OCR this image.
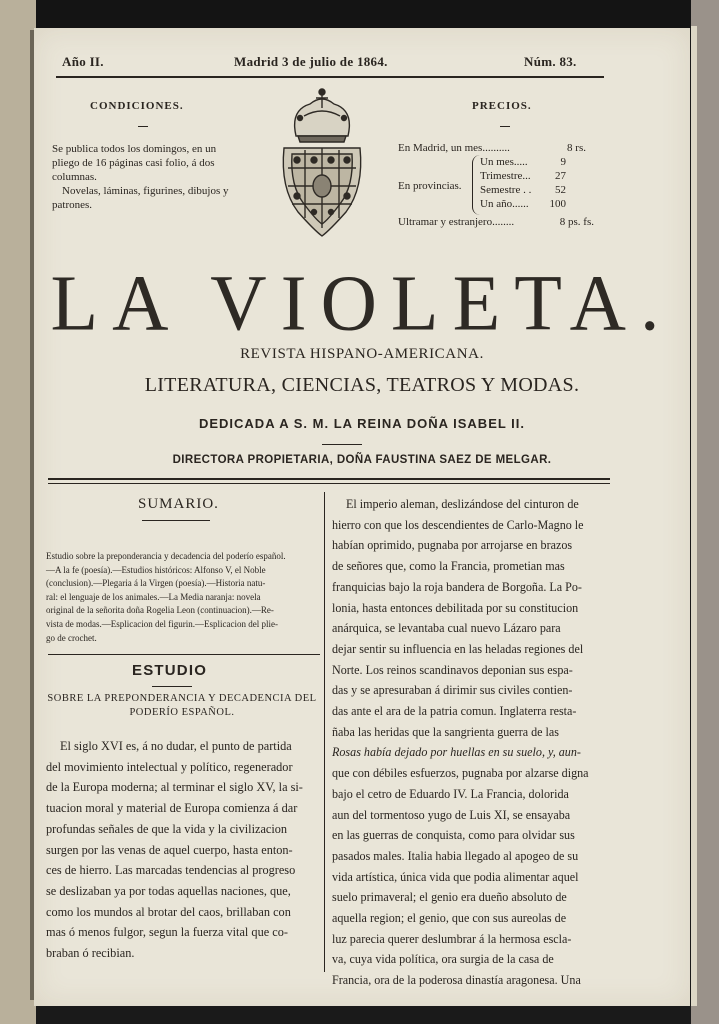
Año II.	Madrid 3 de julio de 1864.	Núm. 83.
CONDICIONES.
Se publica todos los domingos, en un
pliego de 16 páginas casi folio, á dos
columnas.
Novelas, láminas, figurines, dibujos y
patrones.
PRECIOS.
En Madrid, un mes..........	8 rs.
En provincias.
Un mes.....	9
Trimestre... 27
Semestre . . 52
Un año...... 100
Ultramar y estranjero........	8 ps. fs.
LA VIOLETA.
REVISTA HISPANO-AMERICANA.
LITERATURA, CIENCIAS, TEATROS Y MODAS.
DEDICADA A S. M. LA REINA DOÑA ISABEL II.
DIRECTORA PROPIETARIA, DOÑA FAUSTINA SAEZ DE MELGAR.
SUMARIO.
Estudio sobre la preponderancia y decadencia del poderío español.
—A la fe (poesía).—Estudios históricos: Alfonso V, el Noble
(conclusion).—Plegaria á la Virgen (poesía).—Historia natu-
ral: el lenguaje de los animales.—La Media naranja: novela
original de la señorita doña Rogelia Leon (continuacion).—Re-
vista de modas.—Esplicacion del figurin.—Esplicacion del plie-
go de crochet.
ESTUDIO
SOBRE LA PREPONDERANCIA Y DECADENCIA DEL
PODERÍO ESPAÑOL.
El siglo XVI es, á no dudar, el punto de partida
del movimiento intelectual y político, regenerador
de la Europa moderna; al terminar el siglo XV, la si-
tuacion moral y material de Europa comienza á dar
profundas señales de que la vida y la civilizacion
surgen por las venas de aquel cuerpo, hasta enton-
ces de hierro. Las marcadas tendencias al progreso
se deslizaban ya por todas aquellas naciones, que,
como los mundos al brotar del caos, brillaban con
mas ó menos fulgor, segun la fuerza vital que co-
braban ó recibian.
El imperio aleman, deslizándose del cinturon de
hierro con que los descendientes de Carlo-Magno le
habían oprimido, pugnaba por arrojarse en brazos
de señores que, como la Francia, prometian mas
franquicias bajo la roja bandera de Borgoña. La Po-
lonia, hasta entonces debilitada por su constitucion
anárquica, se levantaba cual nuevo Lázaro para
dejar sentir su influencia en las heladas regiones del
Norte. Los reinos scandinavos deponian sus espa-
das y se apresuraban á dirimir sus civiles contien-
das ante el ara de la patria comun. Inglaterra resta-
ñaba las heridas que la sangrienta guerra de las
Rosas había dejado por huellas en su suelo, y, aun-
que con débiles esfuerzos, pugnaba por alzarse digna
bajo el cetro de Eduardo IV. La Francia, dolorida
aun del tormentoso yugo de Luis XI, se ensayaba
en las guerras de conquista, como para olvidar sus
pasados males. Italia habia llegado al apogeo de su
vida artística, única vida que podia alimentar aquel
suelo primaveral; el genio era dueño absoluto de
aquella region; el genio, que con sus aureolas de
luz parecia querer deslumbrar á la hermosa escla-
va, cuya vida política, ora surgia de la casa de
Francia, ora de la poderosa dinastía aragonesa. Una
